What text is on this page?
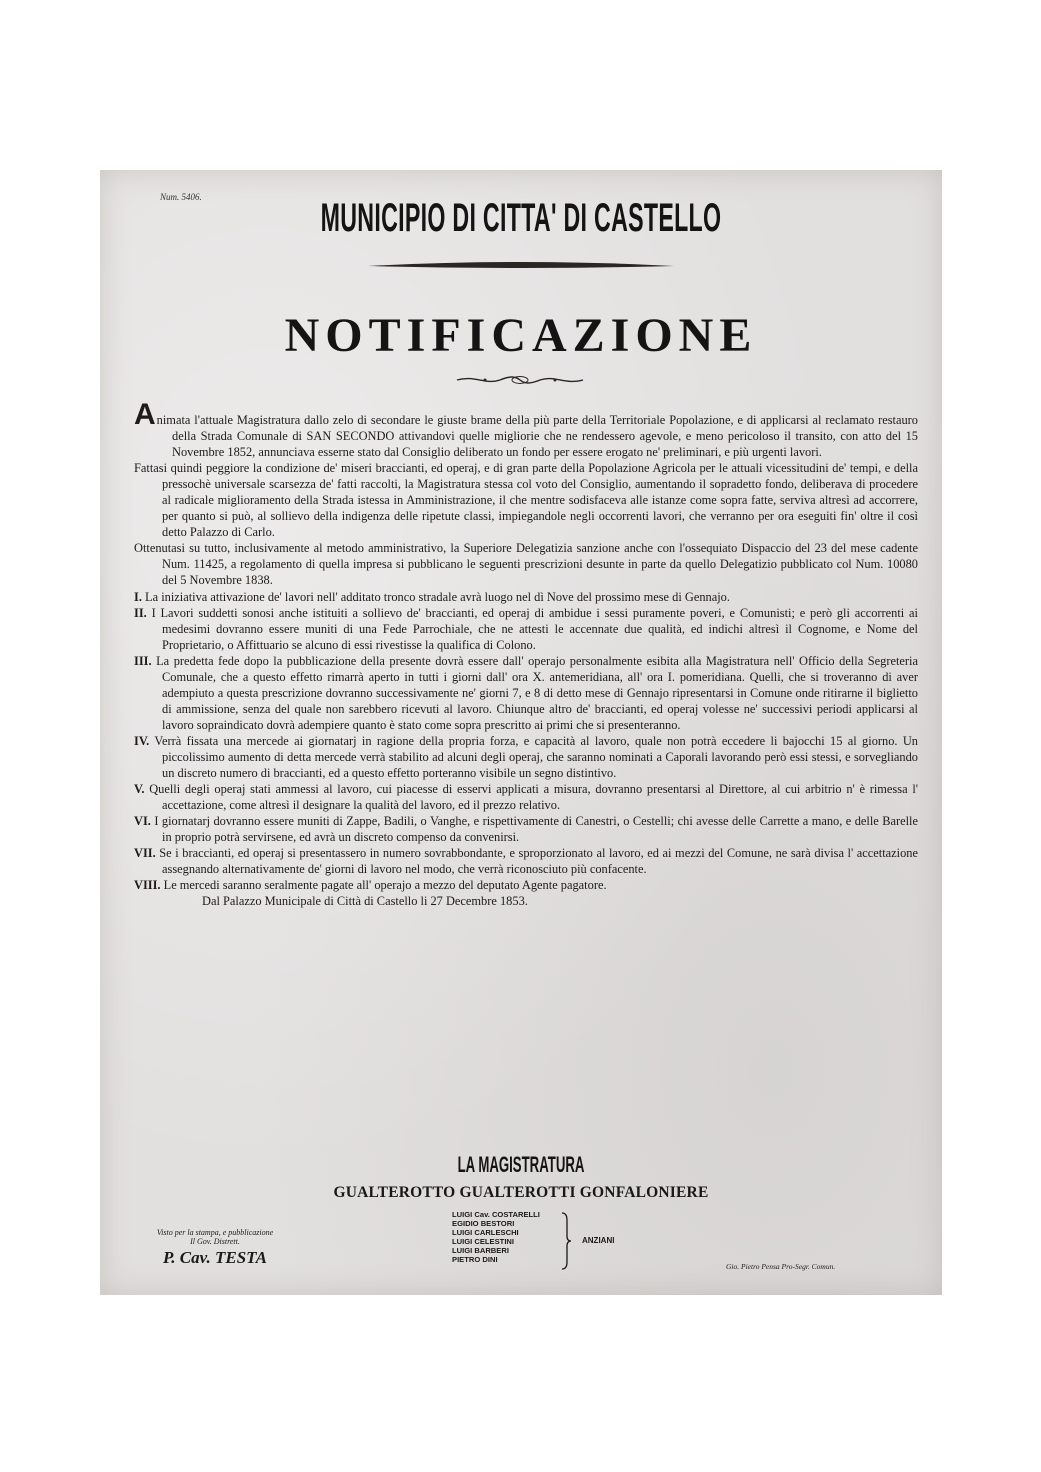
Num. 5406.	MUNICIPIO DI CITTA' DI CASTELLO
NOTIFICAZIONE

Animata l'attuale Magistratura dallo zelo di secondare le giuste brame della più parte della Territoriale Popolazione, e di applicarsi al reclamato restauro della Strada Comunale di SAN SECONDO attivandovi quelle migliorie che ne rendessero agevole, e meno pericoloso il transito, con atto del 15 Novembre 1852, annunciava esserne stato dal Consiglio deliberato un fondo per essere erogato ne' preliminari, e più urgenti lavori.

Fattasi quindi peggiore la condizione de' miseri braccianti, ed operaj, e di gran parte della Popolazione Agricola per le attuali vicessitudini de' tempi, e della pressochè universale scarsezza de' fatti raccolti, la Magistratura stessa col voto del Consiglio, aumentando il sopradetto fondo, deliberava di procedere al radicale miglioramento della Strada istessa in Amministrazione, il che mentre sodisfaceva alle istanze come sopra fatte, serviva altresì ad accorrere, per quanto si può, al sollievo della indigenza delle ripetute classi, impiegandole negli occorrenti lavori, che verranno per ora eseguiti fin' oltre il così detto Palazzo di Carlo.

Ottenutasi su tutto, inclusivamente al metodo amministrativo, la Superiore Delegatizia sanzione anche con l'ossequiato Dispaccio del 23 del mese cadente Num. 11425, a regolamento di quella impresa si pubblicano le seguenti prescrizioni desunte in parte da quello Delegatizio pubblicato col Num. 10080 del 5 Novembre 1838.

I. La iniziativa attivazione de' lavori nell' additato tronco stradale avrà luogo nel dì Nove del prossimo mese di Gennajo.

II. I Lavori suddetti sonosi anche istituiti a sollievo de' braccianti, ed operaj di ambidue i sessi puramente poveri, e Comunisti; e però gli accorrenti ai medesimi dovranno essere muniti di una Fede Parrochiale, che ne attesti le accennate due qualità, ed indichi altresì il Cognome, e Nome del Proprietario, o Affittuario se alcuno di essi rivestisse la qualifica di Colono.

III. La predetta fede dopo la pubblicazione della presente dovrà essere dall' operajo personalmente esibita alla Magistratura nell' Officio della Segreteria Comunale, che a questo effetto rimarrà aperto in tutti i giorni dall' ora X. antemeridiana, all' ora I. pomeridiana. Quelli, che si troveranno di aver adempiuto a questa prescrizione dovranno successivamente ne' giorni 7, e 8 di detto mese di Gennajo ripresentarsi in Comune onde ritirarne il biglietto di ammissione, senza del quale non sarebbero ricevuti al lavoro. Chiunque altro de' braccianti, ed operaj volesse ne' successivi periodi applicarsi al lavoro sopraindicato dovrà adempiere quanto è stato come sopra prescritto ai primi che si presenteranno.

IV. Verrà fissata una mercede ai giornatarj in ragione della propria forza, e capacità al lavoro, quale non potrà eccedere li bajocchi 15 al giorno. Un piccolissimo aumento di detta mercede verrà stabilito ad alcuni degli operaj, che saranno nominati a Caporali lavorando però essi stessi, e sorvegliando un discreto numero di braccianti, ed a questo effetto porteranno visibile un segno distintivo.

V. Quelli degli operaj stati ammessi al lavoro, cui piacesse di esservi applicati a misura, dovranno presentarsi al Direttore, al cui arbitrio n' è rimessa l' accettazione, come altresì il designare la qualità del lavoro, ed il prezzo relativo.

VI. I giornatarj dovranno essere muniti di Zappe, Badili, o Vanghe, e rispettivamente di Canestri, o Cestelli; chi avesse delle Carrette a mano, e delle Barelle in proprio potrà servirsene, ed avrà un discreto compenso da convenirsi.

VII. Se i braccianti, ed operaj si presentassero in numero sovrabbondante, e sproporzionato al lavoro, ed ai mezzi del Comune, ne sarà divisa l' accettazione assegnando alternativamente de' giorni di lavoro nel modo, che verrà riconosciuto più confacente.

VIII. Le mercedi saranno seralmente pagate all' operajo a mezzo del deputato Agente pagatore.

Dal Palazzo Municipale di Città di Castello li 27 Decembre 1853.

LA MAGISTRATURA
GUALTEROTTO GUALTEROTTI GONFALONIERE
Visto per la stampa, e pubblicazione
Il Gov. Distrett.
P. Cav. TESTA
LUIGI Cav. COSTARELLI
EGIDIO BESTORI
LUIGI CARLESCHI
LUIGI CELESTINI
LUIGI BARBERI
PIETRO DINI
ANZIANI
Gio. Pietro Pensa Pro-Segr. Comun.
